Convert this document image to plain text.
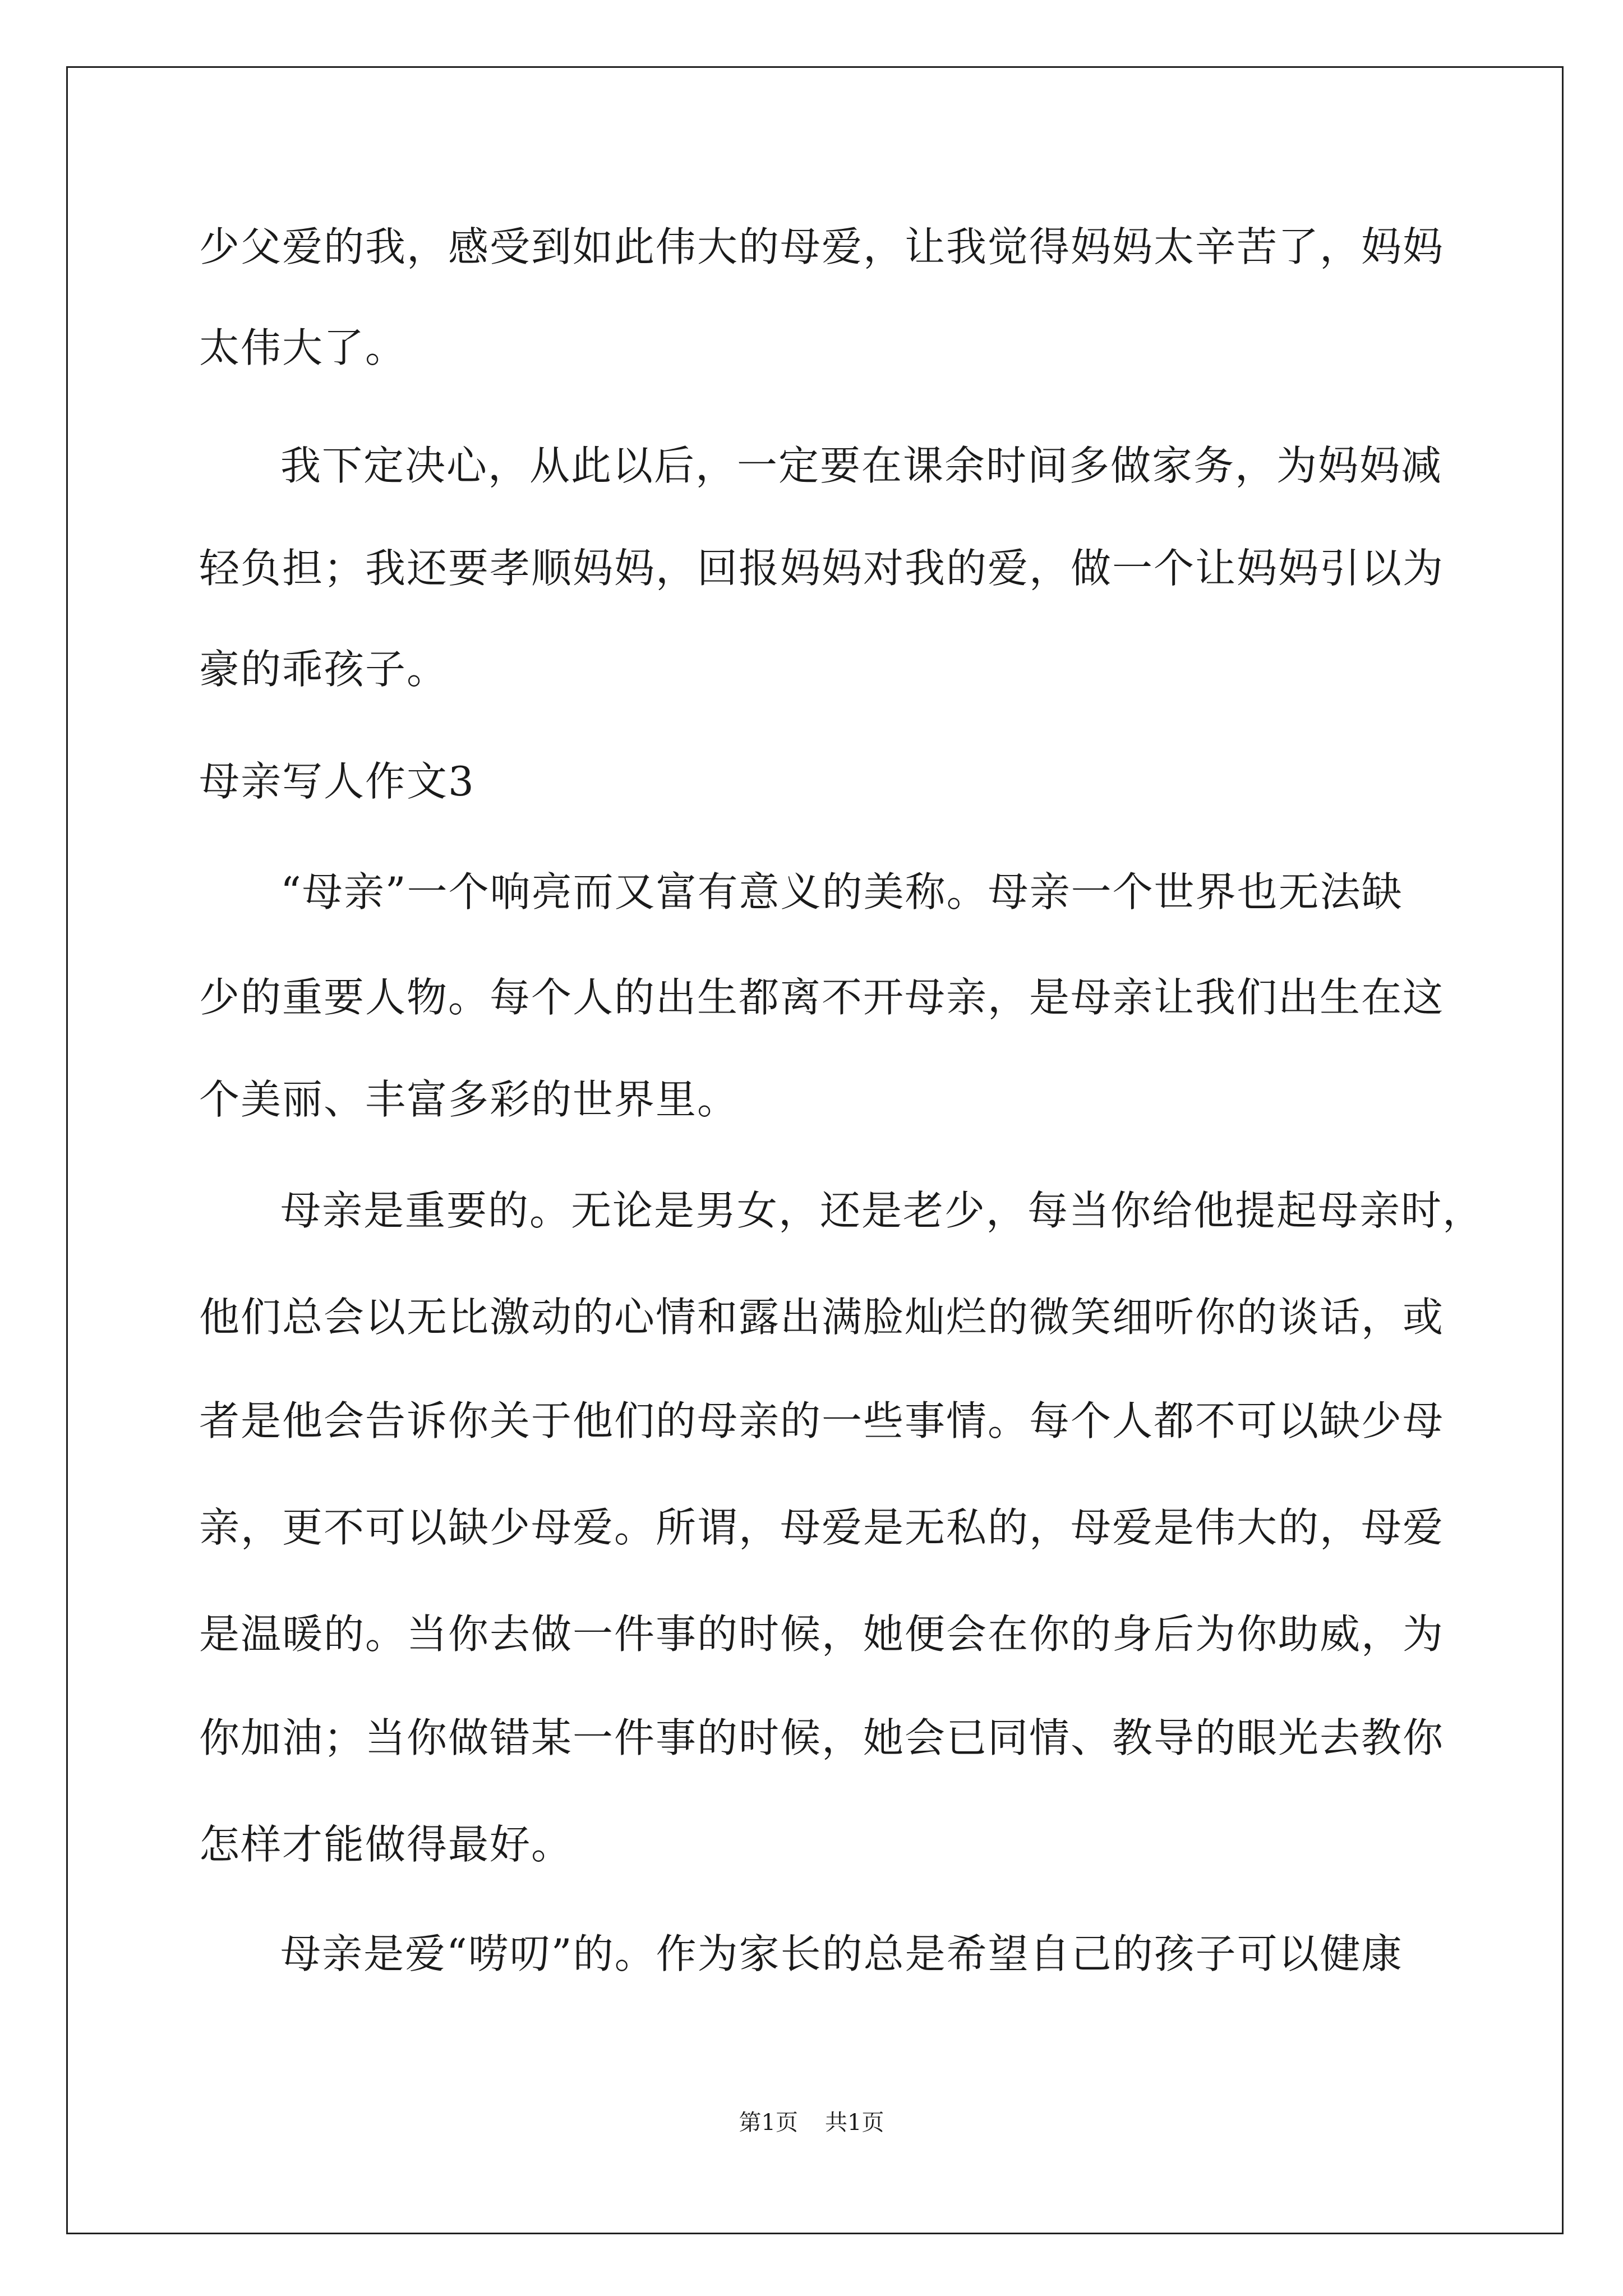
少父爱的我，感受到如此伟大的母爱，让我觉得妈妈太辛苦了，妈妈
太伟大了。
我下定决心，从此以后，一定要在课余时间多做家务，为妈妈减
轻负担；我还要孝顺妈妈，回报妈妈对我的爱，做一个让妈妈引以为
豪的乖孩子。
母亲写人作文3
“母亲”一个响亮而又富有意义的美称。母亲一个世界也无法缺
少的重要人物。每个人的出生都离不开母亲，是母亲让我们出生在这
个美丽、丰富多彩的世界里。
母亲是重要的。无论是男女，还是老少，每当你给他提起母亲时，
他们总会以无比激动的心情和露出满脸灿烂的微笑细听你的谈话，或
者是他会告诉你关于他们的母亲的一些事情。每个人都不可以缺少母
亲，更不可以缺少母爱。所谓，母爱是无私的，母爱是伟大的，母爱
是温暖的。当你去做一件事的时候，她便会在你的身后为你助威，为
你加油；当你做错某一件事的时候，她会已同情、教导的眼光去教你
怎样才能做得最好。
母亲是爱“唠叨”的。作为家长的总是希望自己的孩子可以健康
第1页 共1页
